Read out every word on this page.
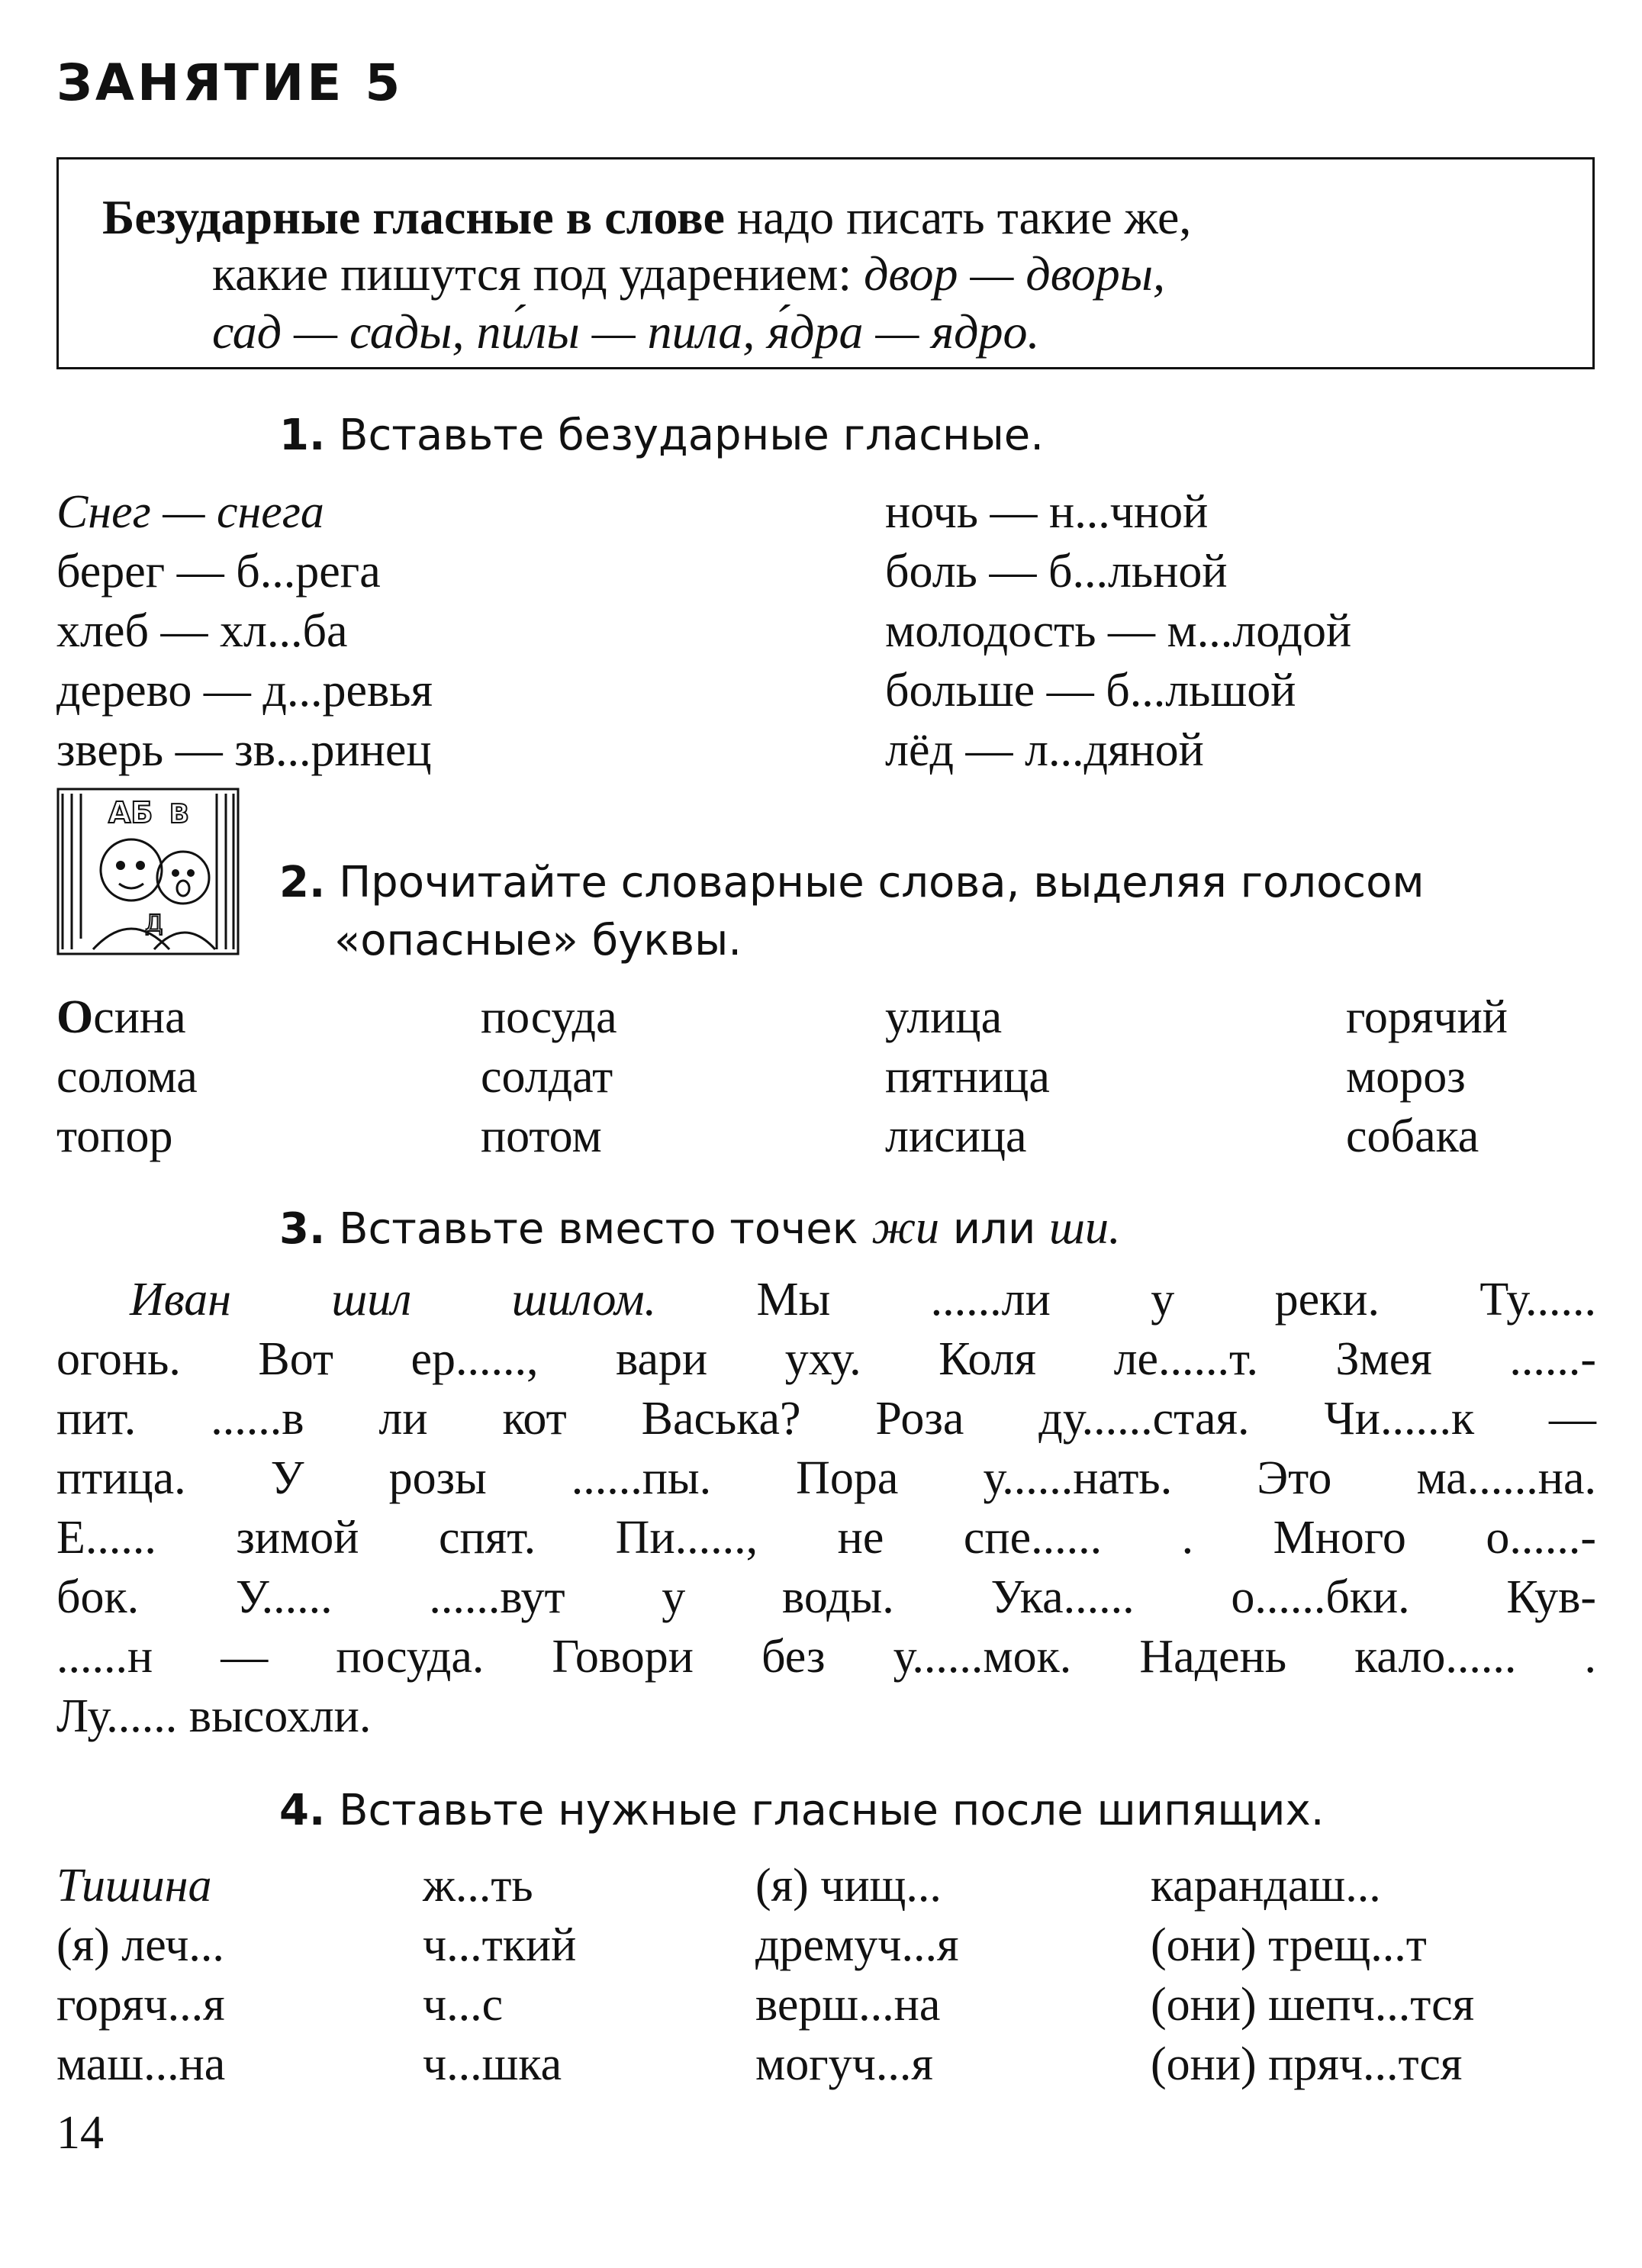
ЗАНЯТИЕ 5
Безударные гласные в слове надо писать такие же,
какие пишутся под ударением: двор — дворы,
сад — сады, пи́лы — пила, я́дра — ядро.
1. Вставьте безударные гласные.
Снег — снега
берег — б...рега
хлеб — хл...ба
дерево — д...ревья
зверь — зв...ринец
ночь — н...чной
боль — б...льной
молодость — м...лодой
больше — б...льшой
лёд — л...дяной
АБ В
Д
2. Прочитайте словарные слова, выделяя голосом
«опасные» буквы.
Осина
солома
топор
посуда
солдат
потом
улица
пятница
лисица
горячий
мороз
собака
3. Вставьте вместо точек жи или ши.
Иван шил шилом. Мы ......ли у реки. Ту......
огонь. Вот ер......, вари уху. Коля ле......т. Змея ......-
пит. ......в ли кот Васька? Роза ду......стая. Чи......к —
птица. У розы ......пы. Пора у......нать. Это ма......на.
Е...... зимой спят. Пи......, не спе...... . Много о......-
бок. У...... ......вут у воды. Ука...... о......бки. Кув-
......н — посуда. Говори без у......мок. Надень кало...... .
Лу...... высохли.
4. Вставьте нужные гласные после шипящих.
Тишина
(я) леч...
горяч...я
маш...на
ж...ть
ч...ткий
ч...с
ч...шка
(я) чищ...
дремуч...я
верш...на
могуч...я
карандаш...
(они) трещ...т
(они) шепч...тся
(они) пряч...тся
14
